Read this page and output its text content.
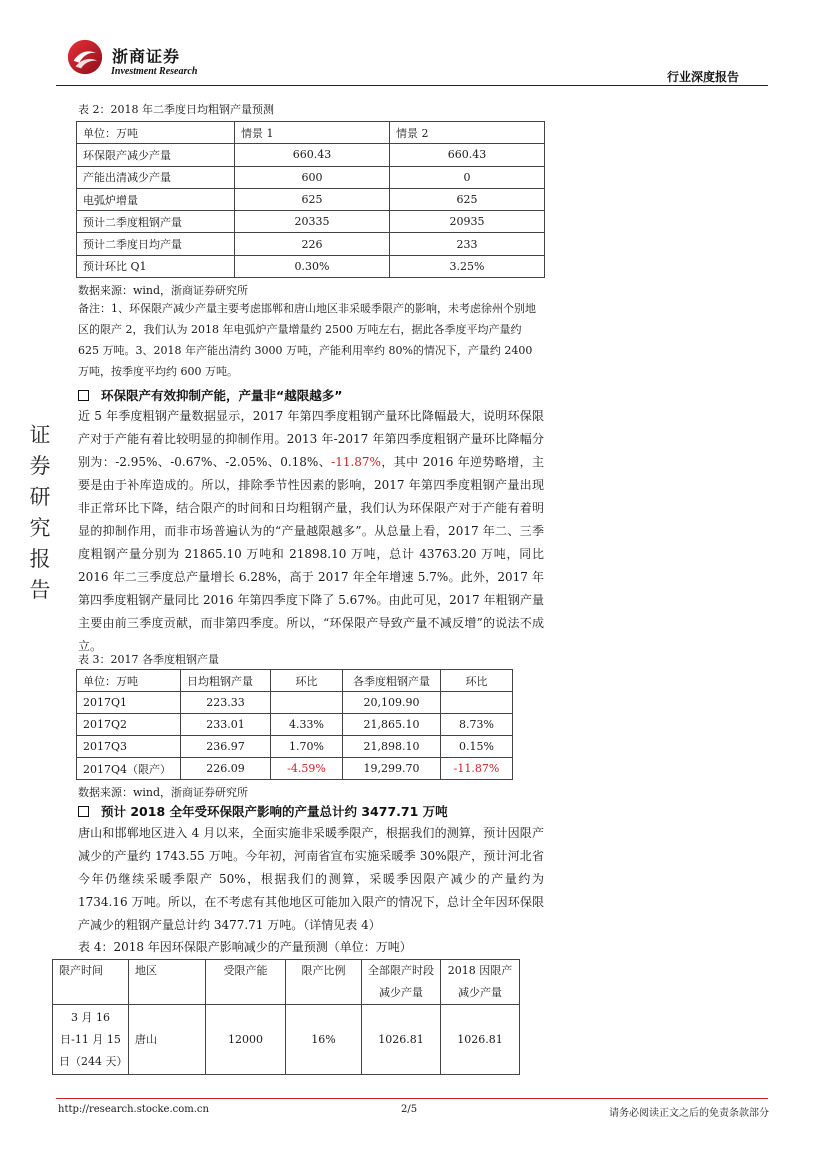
浙商证券
Investment Research	行业深度报告
证
券
研
究
报
告
表 2：2018 年二季度日均粗钢产量预测
单位：万吨	情景 1	情景 2
环保限产减少产量	660.43	660.43
产能出清减少产量	600	0
电弧炉增量	625	625
预计二季度粗钢产量	20335	20935
预计二季度日均产量	226	233
预计环比 Q1	0.30%	3.25%
数据来源：wind，浙商证券研究所
备注：1、环保限产减少产量主要考虑邯郸和唐山地区非采暖季限产的影响，未考虑徐州个别地区的限产 2，我们认为 2018 年电弧炉产量增量约 2500 万吨左右，据此各季度平均产量约 625 万吨。3、2018 年产能出清约 3000 万吨，产能利用率约 80%的情况下，产量约 2400 万吨，按季度平均约 600 万吨。
环保限产有效抑制产能，产量非“越限越多”
近 5 年季度粗钢产量数据显示，2017 年第四季度粗钢产量环比降幅最大，说明环保限产对于产能有着比较明显的抑制作用。2013 年-2017 年第四季度粗钢产量环比降幅分别为：-2.95%、-0.67%、-2.05%、0.18%、-11.87%，其中 2016 年逆势略增，主要是由于补库造成的。所以，排除季节性因素的影响，2017 年第四季度粗钢产量出现非正常环比下降，结合限产的时间和日均粗钢产量，我们认为环保限产对于产能有着明显的抑制作用，而非市场普遍认为的“产量越限越多”。从总量上看，2017 年二、三季度粗钢产量分别为 21865.10 万吨和 21898.10 万吨，总计 43763.20 万吨，同比 2016 年二三季度总产量增长 6.28%，高于 2017 年全年增速 5.7%。此外，2017 年第四季度粗钢产量同比 2016 年第四季度下降了 5.67%。由此可见，2017 年粗钢产量主要由前三季度贡献，而非第四季度。所以，“环保限产导致产量不减反增”的说法不成立。
表 3：2017 各季度粗钢产量
单位：万吨	日均粗钢产量	环比	各季度粗钢产量	环比
2017Q1	223.33		20,109.90	
2017Q2	233.01	4.33%	21,865.10	8.73%
2017Q3	236.97	1.70%	21,898.10	0.15%
2017Q4（限产）	226.09	-4.59%	19,299.70	-11.87%
数据来源：wind，浙商证券研究所
预计 2018 全年受环保限产影响的产量总计约 3477.71 万吨
唐山和邯郸地区进入 4 月以来，全面实施非采暖季限产，根据我们的测算，预计因限产减少的产量约 1743.55 万吨。今年初，河南省宣布实施采暖季 30%限产，预计河北省今年仍继续采暖季限产 50%，根据我们的测算，采暖季因限产减少的产量约为 1734.16 万吨。所以，在不考虑有其他地区可能加入限产的情况下，总计全年因环保限产减少的粗钢产量总计约 3477.71 万吨。（详情见表 4）
表 4：2018 年因环保限产影响减少的产量预测（单位：万吨）
限产时间	地区	受限产能	限产比例	全部限产时段减少产量	2018 因限产减少产量
3 月 16 日-11 月 15 日（244 天）	唐山	12000	16%	1026.81	1026.81
http://research.stocke.com.cn	2/5	请务必阅读正文之后的免责条款部分
